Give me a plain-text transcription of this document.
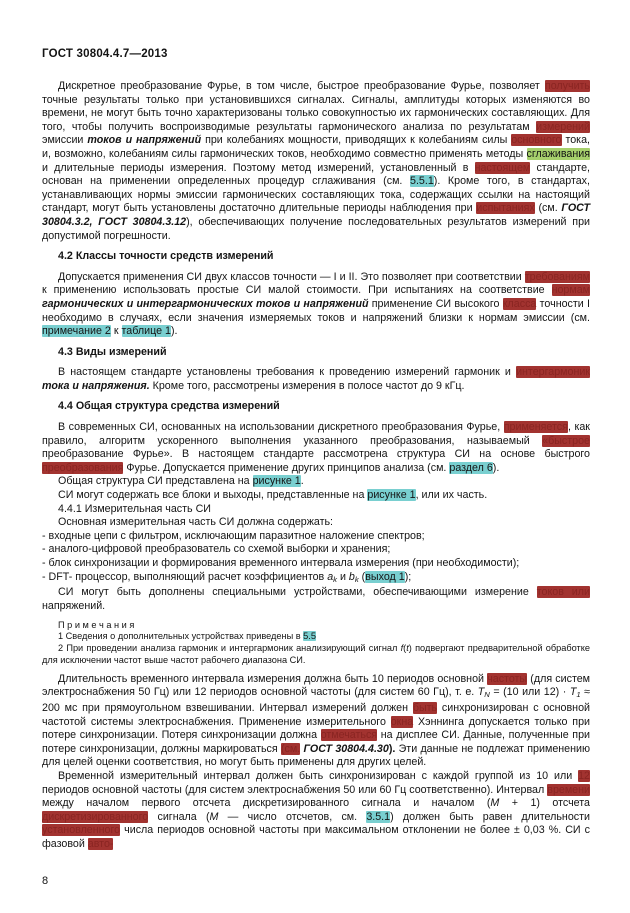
ГОСТ 30804.4.7—2013

Дискретное преобразование Фурье, в том числе, быстрое преобразование Фурье, позволяет получить точные результаты только при установившихся сигналах. Сигналы, амплитуды которых изменяются во времени, не могут быть точно характеризованы только совокупностью их гармонических составляющих. Для того, чтобы получить воспроизводимые результаты гармонического анализа по результатам измерений эмиссии токов и напряжений при колебаниях мощности, приводящих к колебаниям силы основного тока, и, возможно, колебаниям силы гармонических токов, необходимо совместно применять методы сглаживания и длительные периоды измерения. Поэтому метод измерений, установленный в настоящем стандарте, основан на применении определенных процедур сглаживания (см. 5.5.1). Кроме того, в стандартах, устанавливающих нормы эмиссии гармонических составляющих тока, содержащих ссылки на настоящий стандарт, могут быть установлены достаточно длительные периоды наблюдения при испытаниях (см. ГОСТ 30804.3.2, ГОСТ 30804.3.12), обеспечивающих получение последовательных результатов измерений при допустимой погрешности.

4.2 Классы точности средств измерений

Допускается применения СИ двух классов точности — I и II. Это позволяет при соответствии требованиям к применению использовать простые СИ малой стоимости. При испытаниях на соответствие нормам гармонических и интергармонических токов и напряжений применение СИ высокого класса точности I необходимо в случаях, если значения измеряемых токов и напряжений близки к нормам эмиссии (см. примечание 2 к таблице 1).

4.3 Виды измерений

В настоящем стандарте установлены требования к проведению измерений гармоник и интергармоник тока и напряжения. Кроме того, рассмотрены измерения в полосе частот до 9 кГц.

4.4 Общая структура средства измерений

В современных СИ, основанных на использовании дискретного преобразования Фурье, применяется, как правило, алгоритм ускоренного выполнения указанного преобразования, называемый «быстрое преобразование Фурье». В настоящем стандарте рассмотрена структура СИ на основе быстрого преобразования Фурье. Допускается применение других принципов анализа (см. раздел 6).

Общая структура СИ представлена на рисунке 1.

СИ могут содержать все блоки и выходы, представленные на рисунке 1, или их часть.

4.4.1 Измерительная часть СИ

Основная измерительная часть СИ должна содержать:

- входные цепи с фильтром, исключающим паразитное наложение спектров;

- аналого-цифровой преобразователь со схемой выборки и хранения;

- блок синхронизации и формирования временного интервала измерения (при необходимости);

- DFT- процессор, выполняющий расчет коэффициентов $a_k$ и $b_k$ (выход 1);

СИ могут быть дополнены специальными устройствами, обеспечивающими измерение токов или напряжений.

П р и м е ч а н и я

1 Сведения о дополнительных устройствах приведены в 5.5

2 При проведении анализа гармоник и интергармоник анализирующий сигнал f(t) подвергают предварительной обработке для исключении частот выше частот рабочего диапазона СИ.

Длительность временного интервала измерения должна быть 10 периодов основной частоты (для систем электроснабжения 50 Гц) или 12 периодов основной частоты (для систем 60 Гц), т. е. $T_N = (10$ или $12) \cdot T_1 \approx 200$ мс при прямоугольном взвешивании. Интервал измерений должен быть синхронизирован с основной частотой системы электроснабжения. Применение измерительного окна Хэннинга допускается только при потере синхронизации. Потеря синхронизации должна отмечаться на дисплее СИ. Данные, полученные при потере синхронизации, должны маркироваться (см. ГОСТ 30804.4.30). Эти данные не подлежат применению для целей оценки соответствия, но могут быть применены для других целей.

Временной измерительный интервал должен быть синхронизирован с каждой группой из 10 или 12 периодов основной частоты (для систем электроснабжения 50 или 60 Гц соответственно). Интервал времени между началом первого отсчета дискретизированного сигнала и началом (M + 1) отсчета дискретизированного сигнала (M — число отсчетов, см. 3.5.1) должен быть равен длительности установленного числа периодов основной частоты при максимальном отклонении не более ± 0,03 %. СИ с фазовой авто-

8
